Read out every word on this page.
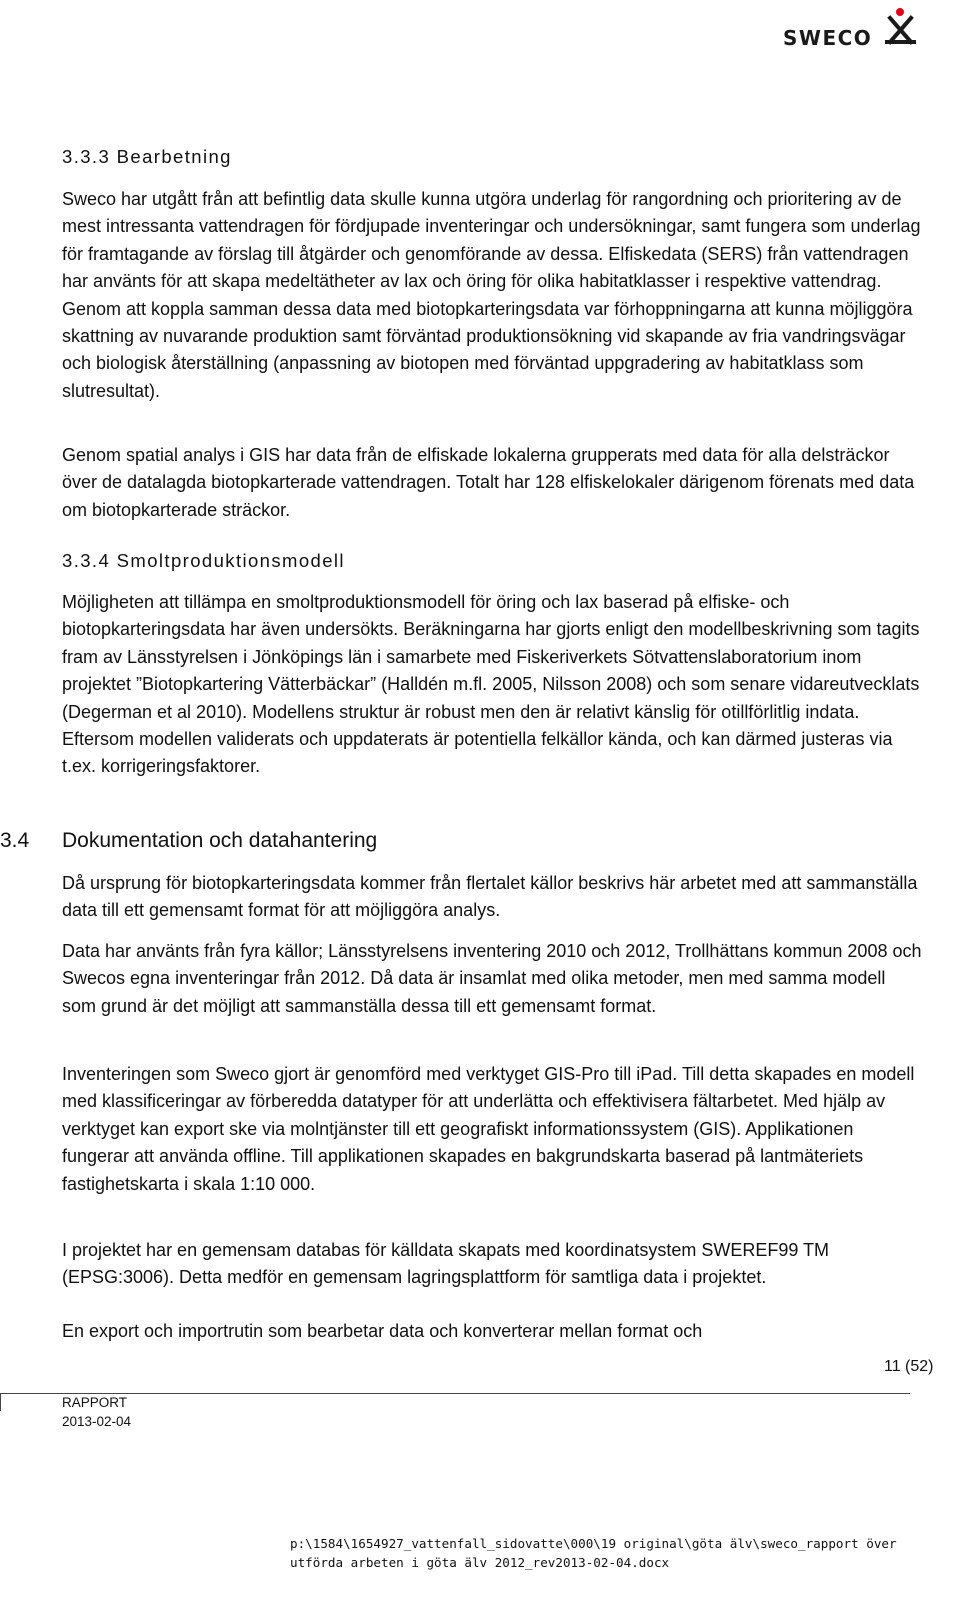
SWECO
3.3.3 Bearbetning

Sweco har utgått från att befintlig data skulle kunna utgöra underlag för rangordning och prioritering av de mest intressanta vattendragen för fördjupade inventeringar och undersökningar, samt fungera som underlag för framtagande av förslag till åtgärder och genomförande av dessa. Elfiskedata (SERS) från vattendragen har använts för att skapa medeltätheter av lax och öring för olika habitatklasser i respektive vattendrag. Genom att koppla samman dessa data med biotopkarteringsdata var förhoppningarna att kunna möjliggöra skattning av nuvarande produktion samt förväntad produktionsökning vid skapande av fria vandringsvägar och biologisk återställning (anpassning av biotopen med förväntad uppgradering av habitatklass som slutresultat).

Genom spatial analys i GIS har data från de elfiskade lokalerna grupperats med data för alla delsträckor över de datalagda biotopkarterade vattendragen. Totalt har 128 elfiskelokaler därigenom förenats med data om biotopkarterade sträckor.

3.3.4 Smoltproduktionsmodell

Möjligheten att tillämpa en smoltproduktionsmodell för öring och lax baserad på elfiske- och biotopkarteringsdata har även undersökts. Beräkningarna har gjorts enligt den modellbeskrivning som tagits fram av Länsstyrelsen i Jönköpings län i samarbete med Fiskeriverkets Sötvattenslaboratorium inom projektet ”Biotopkartering Vätterbäckar” (Halldén m.fl. 2005, Nilsson 2008) och som senare vidareutvecklats (Degerman et al 2010). Modellens struktur är robust men den är relativt känslig för otillförlitlig indata. Eftersom modellen validerats och uppdaterats är potentiella felkällor kända, och kan därmed justeras via t.ex. korrigeringsfaktorer.

3.4 Dokumentation och datahantering

Då ursprung för biotopkarteringsdata kommer från flertalet källor beskrivs här arbetet med att sammanställa data till ett gemensamt format för att möjliggöra analys.

Data har använts från fyra källor; Länsstyrelsens inventering 2010 och 2012, Trollhättans kommun 2008 och Swecos egna inventeringar från 2012. Då data är insamlat med olika metoder, men med samma modell som grund är det möjligt att sammanställa dessa till ett gemensamt format.

Inventeringen som Sweco gjort är genomförd med verktyget GIS-Pro till iPad. Till detta skapades en modell med klassificeringar av förberedda datatyper för att underlätta och effektivisera fältarbetet. Med hjälp av verktyget kan export ske via molntjänster till ett geografiskt informationssystem (GIS). Applikationen fungerar att använda offline. Till applikationen skapades en bakgrundskarta baserad på lantmäteriets fastighetskarta i skala 1:10 000.

I projektet har en gemensam databas för källdata skapats med koordinatsystem SWEREF99 TM (EPSG:3006). Detta medför en gemensam lagringsplattform för samtliga data i projektet.

En export och importrutin som bearbetar data och konverterar mellan format och

11 (52)
RAPPORT
2013-02-04
p:\1584\1654927_vattenfall_sidovatte\000\19 original\göta älv\sweco_rapport över utförda arbeten i göta älv 2012_rev2013-02-04.docx
